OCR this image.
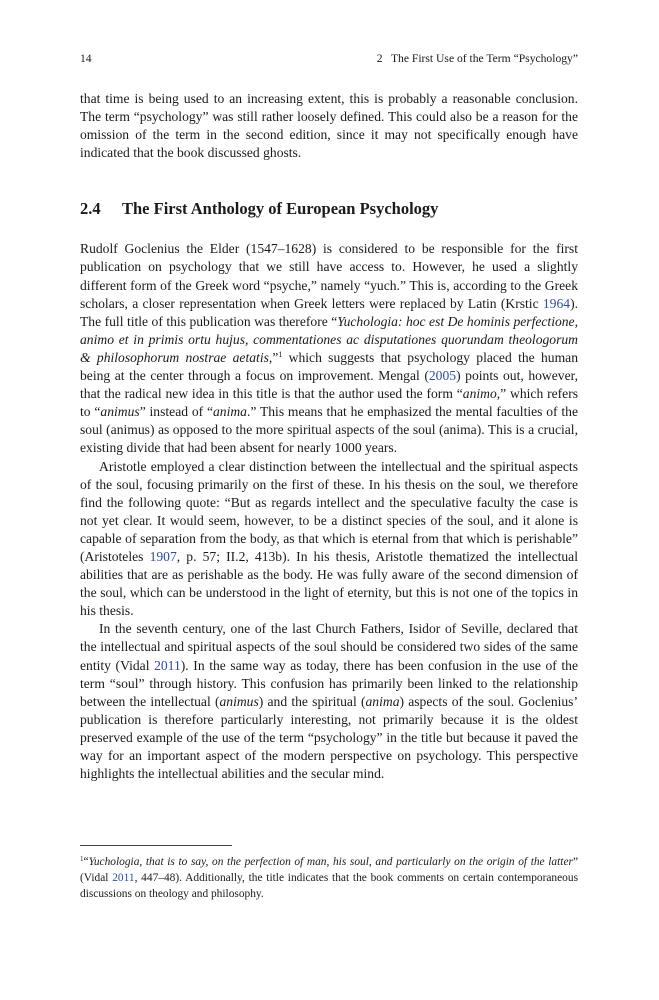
14	2   The First Use of the Term “Psychology”

that time is being used to an increasing extent, this is probably a reasonable conclusion. The term “psychology” was still rather loosely defined. This could also be a reason for the omission of the term in the second edition, since it may not specifically enough have indicated that the book discussed ghosts.

2.4 The First Anthology of European Psychology

Rudolf Goclenius the Elder (1547–1628) is considered to be responsible for the first publication on psychology that we still have access to. However, he used a slightly different form of the Greek word “psyche,” namely “yuch.” This is, according to the Greek scholars, a closer representation when Greek letters were replaced by Latin (Krstic 1964). The full title of this publication was therefore “Yuchologia: hoc est De hominis perfectione, animo et in primis ortu hujus, commentationes ac disputationes quorundam theologorum & philosophorum nostrae aetatis,”$^1$ which suggests that psychology placed the human being at the center through a focus on improvement. Mengal (2005) points out, however, that the radical new idea in this title is that the author used the form “animo,” which refers to “animus” instead of “anima.” This means that he emphasized the mental faculties of the soul (animus) as opposed to the more spiritual aspects of the soul (anima). This is a crucial, existing divide that had been absent for nearly 1000 years.

Aristotle employed a clear distinction between the intellectual and the spiritual aspects of the soul, focusing primarily on the first of these. In his thesis on the soul, we therefore find the following quote: “But as regards intellect and the speculative faculty the case is not yet clear. It would seem, however, to be a distinct species of the soul, and it alone is capable of separation from the body, as that which is eternal from that which is perishable” (Aristoteles 1907, p. 57; II.2, 413b). In his thesis, Aristotle thematized the intellectual abilities that are as perishable as the body. He was fully aware of the second dimension of the soul, which can be understood in the light of eternity, but this is not one of the topics in his thesis.

In the seventh century, one of the last Church Fathers, Isidor of Seville, declared that the intellectual and spiritual aspects of the soul should be considered two sides of the same entity (Vidal 2011). In the same way as today, there has been confusion in the use of the term “soul” through history. This confusion has primarily been linked to the relationship between the intellectual (animus) and the spiritual (anima) aspects of the soul. Goclenius’ publication is therefore particularly interesting, not primarily because it is the oldest preserved example of the use of the term “psychology” in the title but because it paved the way for an important aspect of the modern perspective on psychology. This perspective highlights the intellectual abilities and the secular mind.

$^1$“Yuchologia, that is to say, on the perfection of man, his soul, and particularly on the origin of the latter” (Vidal 2011, 447–48). Additionally, the title indicates that the book comments on certain contemporaneous discussions on theology and philosophy.
